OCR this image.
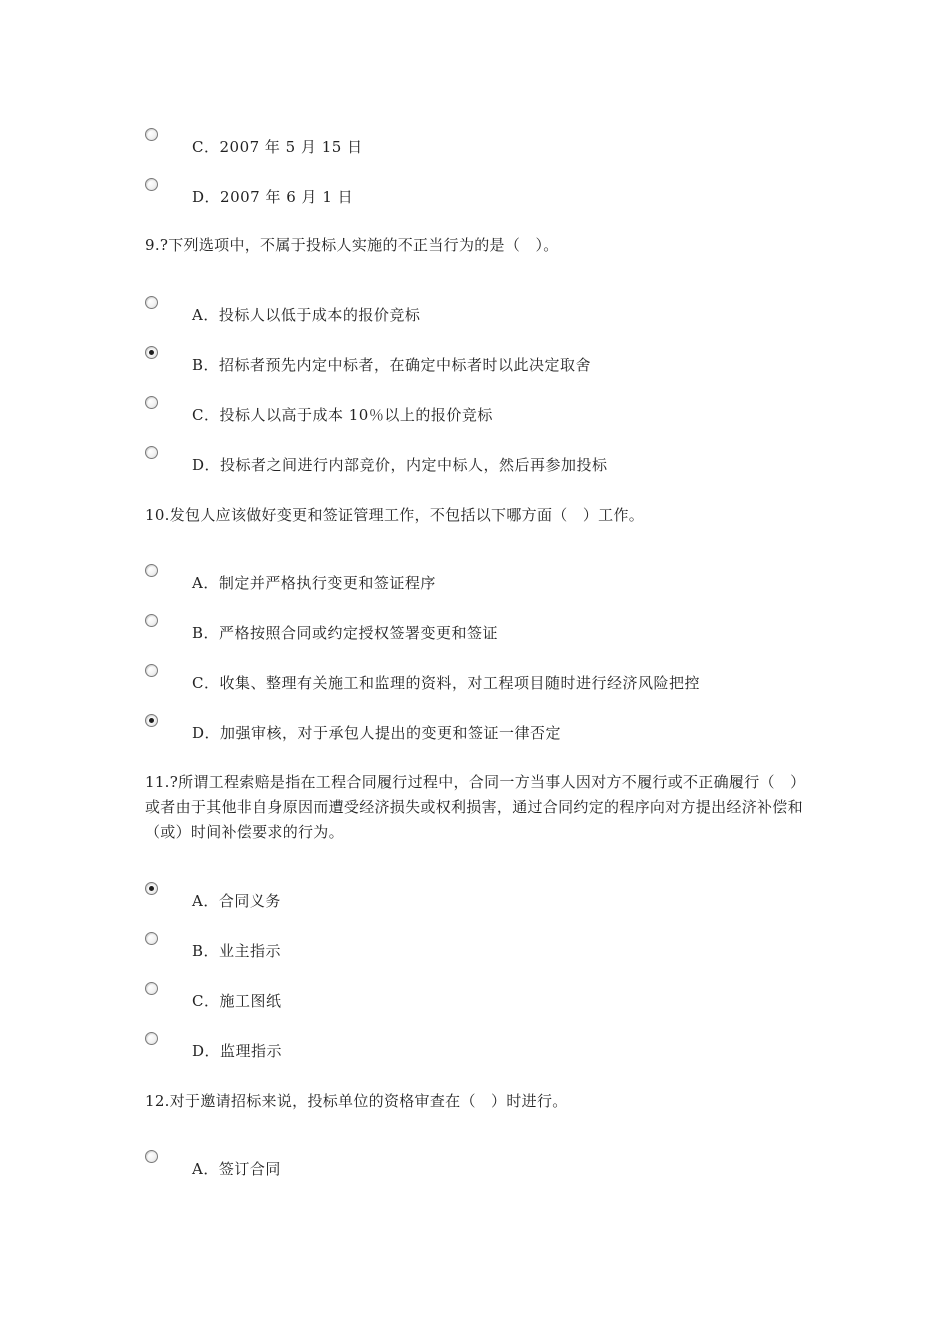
C．2007 年 5 月 15 日
D．2007 年 6 月 1 日

9.?下列选项中，不属于投标人实施的不正当行为的是（　）。

A．投标人以低于成本的报价竞标
B．招标者预先内定中标者，在确定中标者时以此决定取舍
C．投标人以高于成本 10％以上的报价竞标
D．投标者之间进行内部竞价，内定中标人，然后再参加投标

10.发包人应该做好变更和签证管理工作，不包括以下哪方面（　）工作。

A．制定并严格执行变更和签证程序
B．严格按照合同或约定授权签署变更和签证
C．收集、整理有关施工和监理的资料，对工程项目随时进行经济风险把控
D．加强审核，对于承包人提出的变更和签证一律否定

11.?所谓工程索赔是指在工程合同履行过程中，合同一方当事人因对方不履行或不正确履行（　）或者由于其他非自身原因而遭受经济损失或权利损害，通过合同约定的程序向对方提出经济补偿和（或）时间补偿要求的行为。

A．合同义务
B．业主指示
C．施工图纸
D．监理指示

12.对于邀请招标来说，投标单位的资格审查在（　）时进行。

A．签订合同
